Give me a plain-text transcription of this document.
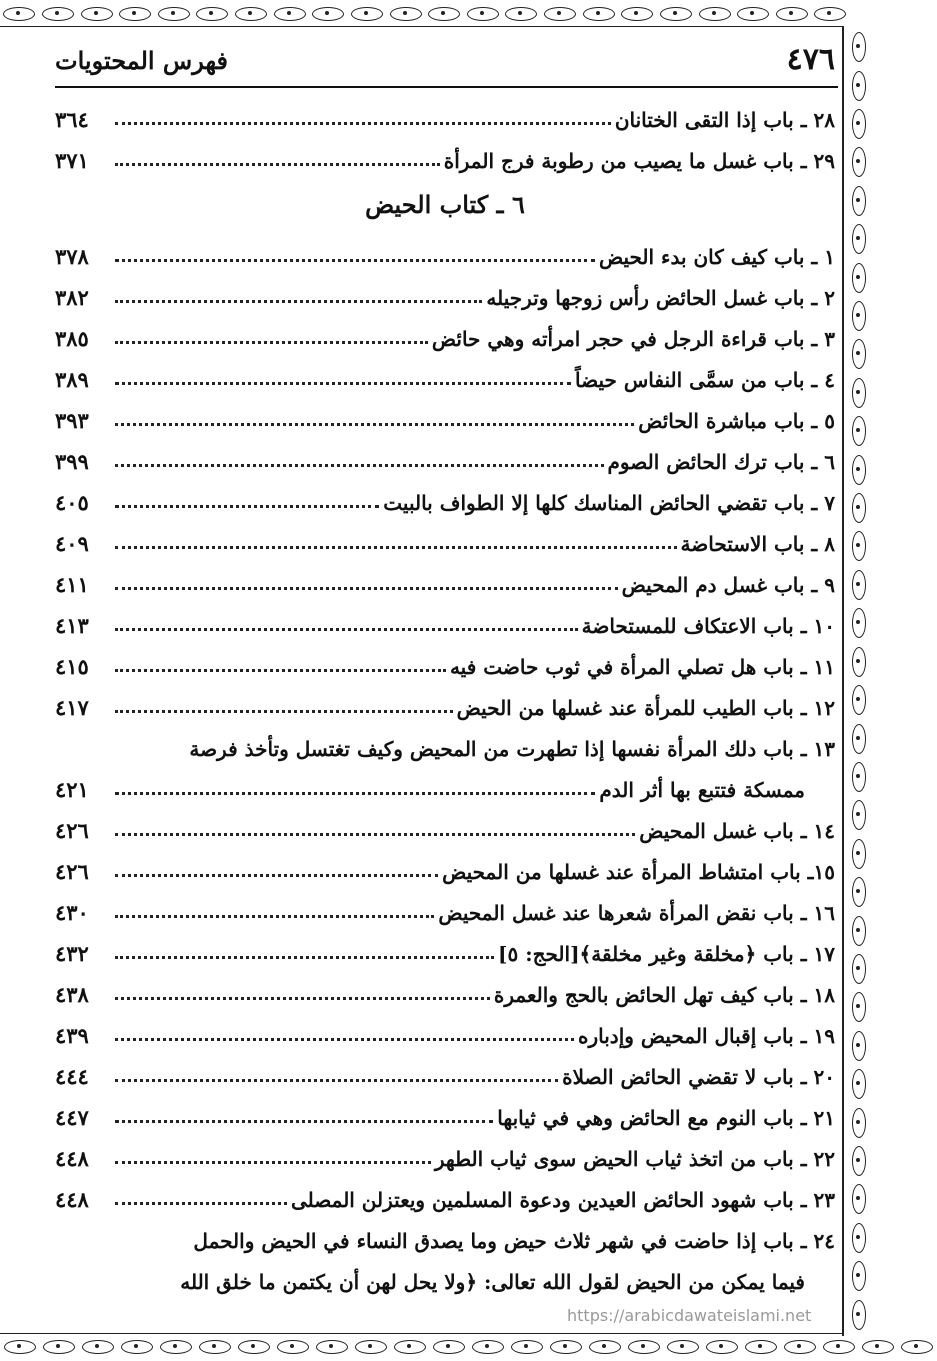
٤٧٦
فهرس المحتويات
٢٨ ـ

باب إذا التقى الختانان
٣٦٤
٢٩ ـ

باب غسل ما يصيب من رطوبة فرج المرأة
٣٧١
٦ ـ كتاب الحيض
١ ـ

باب كيف كان بدء الحيض
٣٧٨
٢ ـ

باب غسل الحائض رأس زوجها وترجيله
٣٨٢
٣ ـ

باب قراءة الرجل في حجر امرأته وهي حائض
٣٨٥
٤ ـ

باب من سمَّى النفاس حيضاً
٣٨٩
٥ ـ

باب مباشرة الحائض
٣٩٣
٦ ـ

باب ترك الحائض الصوم
٣٩٩
٧ ـ

باب تقضي الحائض المناسك كلها إلا الطواف بالبيت
٤٠٥
٨ ـ

باب الاستحاضة
٤٠٩
٩ ـ

باب غسل دم المحيض
٤١١
١٠ ـ

باب الاعتكاف للمستحاضة
٤١٣
١١ ـ

باب هل تصلي المرأة في ثوب حاضت فيه
٤١٥
١٢ ـ

باب الطيب للمرأة عند غسلها من الحيض
٤١٧
١٣ ـ

باب دلك المرأة نفسها إذا تطهرت من المحيض وكيف تغتسل وتأخذ فرصة
ممسكة فتتبع بها أثر الدم
٤٢١
١٤ ـ

باب غسل المحيض
٤٢٦
١٥ـ

باب امتشاط المرأة عند غسلها من المحيض
٤٢٦
١٦ ـ

باب نقض المرأة شعرها عند غسل المحيض
٤٣٠
١٧ ـ

باب ﴿مخلقة وغير مخلقة﴾[الحج: ٥]
٤٣٢
١٨ ـ

باب كيف تهل الحائض بالحج والعمرة
٤٣٨
١٩ ـ

باب إقبال المحيض وإدباره
٤٣٩
٢٠ ـ

باب لا تقضي الحائض الصلاة
٤٤٤
٢١ ـ

باب النوم مع الحائض وهي في ثيابها
٤٤٧
٢٢ ـ

باب من اتخذ ثياب الحيض سوى ثياب الطهر
٤٤٨
٢٣ ـ

باب شهود الحائض العيدين ودعوة المسلمين ويعتزلن المصلى
٤٤٨
٢٤ ـ

باب إذا حاضت في شهر ثلاث حيض وما يصدق النساء في الحيض والحمل
فيما يمكن من الحيض لقول الله تعالى: ﴿ولا يحل لهن أن يكتمن ما خلق الله
https://arabicdawateislami.net
